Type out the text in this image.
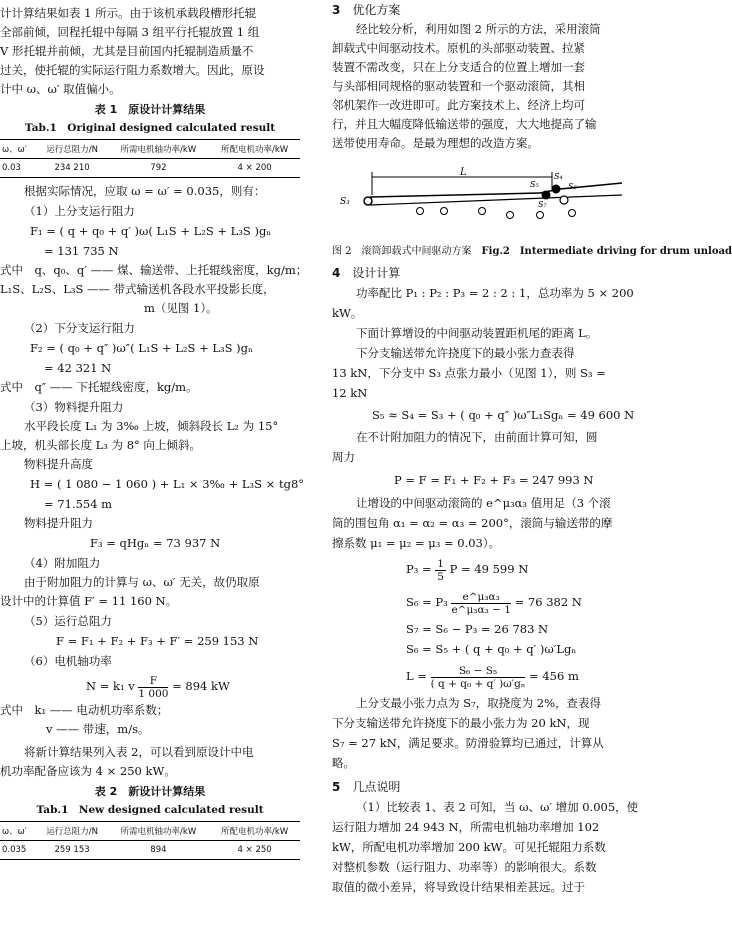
计计算结果如表 1 所示。由于该机承载段槽形托辊
全部前倾，回程托辊中每隔 3 组平行托辊放置 1 组
V 形托辊并前倾，尤其是目前国内托辊制造质量不
过关，使托辊的实际运行阻力系数增大。因此，原设
计中 ω、ω′ 取值偏小。
表 1　原设计计算结果
Tab.1　Original designed calculated result
ω、ω′	运行总阻力/N	所需电机轴功率/kW	所配电机功率/kW
0.03	234 210	792	4 × 200
根据实际情况，应取 ω = ω′ = 0.035，则有：
（1）上分支运行阻力
F₁ = ( q + q₀ + q′ )ω( L₁S + L₂S + L₃S )gₙ
= 131 735 N
式中　q、q₀、q′ —— 煤、输送带、上托辊线密度，kg/m；
L₁S、L₂S、L₃S —— 带式输送机各段水平投影长度，
m（见图 1）。
（2）下分支运行阻力
F₂ = ( q₀ + q″ )ω″( L₁S + L₂S + L₃S )gₙ
= 42 321 N
式中　q″ —— 下托辊线密度，kg/m。
（3）物料提升阻力
水平段长度 L₁ 为 3‰ 上坡，倾斜段长 L₂ 为 15°
上坡，机头部长度 L₃ 为 8° 向上倾斜。
物料提升高度
H = ( 1 080 − 1 060 ) + L₁ × 3‰ + L₃S × tg8°
= 71.554 m
物料提升阻力
F₃ = qHgₙ = 73 937 N
（4）附加阻力
由于附加阻力的计算与 ω、ω′ 无关，故仍取原
设计中的计算值 F′ = 11 160 N。
（5）运行总阻力
F = F₁ + F₂ + F₃ + F′ = 259 153 N
（6）电机轴功率
N = k₁ v $\frac{F}{1 000} = 894$ kW
式中　k₁ —— 电动机功率系数；
v —— 带速，m/s。
将新计算结果列入表 2，可以看到原设计中电
机功率配备应该为 4 × 250 kW。
表 2　新设计计算结果
Tab.1　New designed calculated result
ω、ω′	运行总阻力/N	所需电机轴功率/kW	所配电机功率/kW
0.035	259 153	894	4 × 250
3 优化方案
经比较分析，利用如图 2 所示的方法，采用滚筒
卸载式中间驱动技术。原机的头部驱动装置、拉紧
装置不需改变，只在上分支适合的位置上增加一套
与头部相同规格的驱动装置和一个驱动滚筒，其相
邻机架作一改进即可。此方案技术上、经济上均可
行，并且大幅度降低输送带的强度，大大地提高了输
送带使用寿命。是最为理想的改造方案。
L
S₃
S₄
S₅	S₆
S₇
图 2　滚筒卸载式中间驱动方案　 Fig.2　Intermediate driving for drum unload
4 设计计算
功率配比 P₁ : P₂ : P₃ = 2 : 2 : 1，总功率为 5 × 200
kW。
下面计算增设的中间驱动装置距机尾的距离 L。
下分支输送带允许挠度下的最小张力查表得
13 kN，下分支中 S₃ 点张力最小（见图 1），则 S₃ =
12 kN
S₅ ≈ S₄ = S₃ + ( q₀ + q″ )ω″L₁Sgₙ = 49 600 N
在不计附加阻力的情况下，由前面计算可知，圆
周力
P = F = F₁ + F₂ + F₃ = 247 993 N
让增设的中间驱动滚筒的 e^μ₃α₃ 值用足（3 个滚
筒的围包角 α₁ = α₂ = α₃ = 200°，滚筒与输送带的摩
擦系数 μ₁ = μ₂ = μ₃ = 0.03）。
$P_3 = \frac{1}{5}$ P = 49 599 N
$S_6 = P_3 \frac{\text{e\textasciicircum{}μ₃α₃}}{\text{e\textasciicircum{}μ₃α₃ − 1}} = 76$ 382 N
S₇ = S₆ − P₃ = 26 783 N
S₆ = S₅ + ( q + q₀ + q′ )ω′Lgₙ
$L = \frac{\text{S₆ − S₅}}{\text{( q + q₀ + q′ )ω′gₙ}} = 456$ m
上分支最小张力点为 S₇，取挠度为 2%，查表得
下分支输送带允许挠度下的最小张力为 20 kN，现
S₇ = 27 kN，满足要求。防滑验算均已通过，计算从
略。
5 几点说明
（1）比较表 1、表 2 可知，当 ω、ω′ 增加 0.005，使
运行阻力增加 24 943 N，所需电机轴功率增加 102
kW，所配电机功率增加 200 kW。可见托辊阻力系数
对整机参数（运行阻力、功率等）的影响很大。系数
取值的微小差异，将导致设计结果相差甚远。过于
